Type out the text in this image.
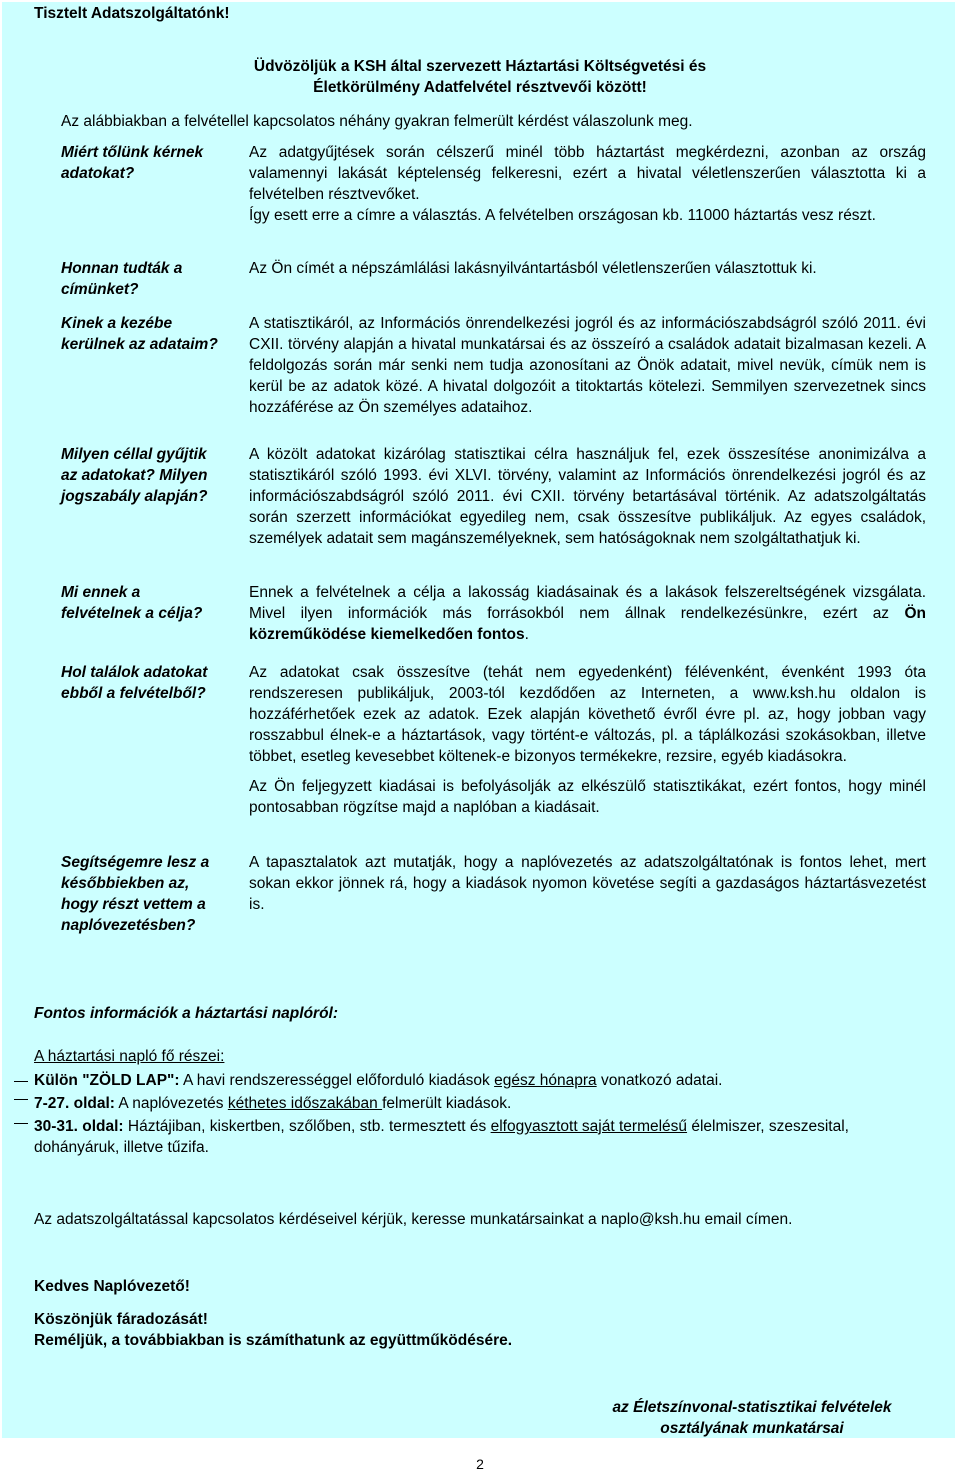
Tisztelt Adatszolgáltatónk!
Üdvözöljük a KSH által szervezett Háztartási Költségvetési és
Életkörülmény Adatfelvétel résztvevői között!
Az alábbiakban a felvétellel kapcsolatos néhány gyakran felmerült kérdést válaszolunk meg.
Miért tőlünk kérnek adatokat?
Az adatgyűjtések során célszerű minél több háztartást megkérdezni, azonban az ország valamennyi lakását képtelenség felkeresni, ezért a hivatal véletlenszerűen választotta ki a felvételben résztvevőket.
Így esett erre a címre a választás. A felvételben országosan kb. 11000 háztartás vesz részt.
Honnan tudták a címünket?
Az Ön címét a népszámlálási lakásnyilvántartásból véletlenszerűen választottuk ki.
Kinek a kezébe kerülnek az adataim?
A statisztikáról, az Információs önrendelkezési jogról és az információszabdságról szóló 2011. évi CXII. törvény alapján a hivatal munkatársai és az összeíró a családok adatait bizalmasan kezeli. A feldolgozás során már senki nem tudja azonosítani az Önök adatait, mivel nevük, címük nem is kerül be az adatok közé. A hivatal dolgozóit a titoktartás kötelezi. Semmilyen szervezetnek sincs hozzáférése az Ön személyes adataihoz.
Milyen céllal gyűjtik az adatokat? Milyen jogszabály alapján?
A közölt adatokat kizárólag statisztikai célra használjuk fel, ezek összesítése anonimizálva a statisztikáról szóló 1993. évi XLVI. törvény, valamint az Információs önrendelkezési jogról és az információszabdságról szóló 2011. évi CXII. törvény betartásával történik. Az adatszolgáltatás során szerzett információkat egyedileg nem, csak összesítve publikáljuk. Az egyes családok, személyek adatait sem magánszemélyeknek, sem hatóságoknak nem szolgáltathatjuk ki.
Mi ennek a felvételnek a célja?
Ennek a felvételnek a célja a lakosság kiadásainak és a lakások felszereltségének vizsgálata. Mivel ilyen információk más forrásokból nem állnak rendelkezésünkre, ezért az Ön közreműködése kiemelkedően fontos.
Hol találok adatokat ebből a felvételből?

Az adatokat csak összesítve (tehát nem egyedenként) félévenként, évenként 1993 óta rendszeresen publikáljuk, 2003-tól kezdődően az Interneten, a www.ksh.hu oldalon is hozzáférhetőek ezek az adatok. Ezek alapján követhető évről évre pl. az, hogy jobban vagy rosszabbul élnek-e a háztartások, vagy történt-e változás, pl. a táplálkozási szokásokban, illetve többet, esetleg kevesebbet költenek-e bizonyos termékekre, rezsire, egyéb kiadásokra.

Az Ön feljegyzett kiadásai is befolyásolják az elkészülő statisztikákat, ezért fontos, hogy minél pontosabban rögzítse majd a naplóban a kiadásait.

Segítségemre lesz a későbbiekben az, hogy részt vettem a naplóvezetésben?
A tapasztalatok azt mutatják, hogy a naplóvezetés az adatszolgáltatónak is fontos lehet, mert sokan ekkor jönnek rá, hogy a kiadások nyomon követése segíti a gazdaságos háztartásvezetést is.
Fontos információk a háztartási naplóról:
A háztartási napló fő részei:
Külön "ZÖLD LAP": A havi rendszerességgel előforduló kiadások egész hónapra vonatkozó adatai.
7-27. oldal: A naplóvezetés kéthetes időszakában felmerült kiadások.
30-31. oldal: Háztájiban, kiskertben, szőlőben, stb. termesztett és elfogyasztott saját termelésű élelmiszer, szeszesital, dohányáruk, illetve tűzifa.
Az adatszolgáltatással kapcsolatos kérdéseivel kérjük, keresse munkatársainkat a naplo@ksh.hu email címen.
Kedves Naplóvezető!
Köszönjük fáradozását!
Reméljük, a továbbiakban is számíthatunk az együttműködésére.
az Életszínvonal-statisztikai felvételek
osztályának munkatársai
2
